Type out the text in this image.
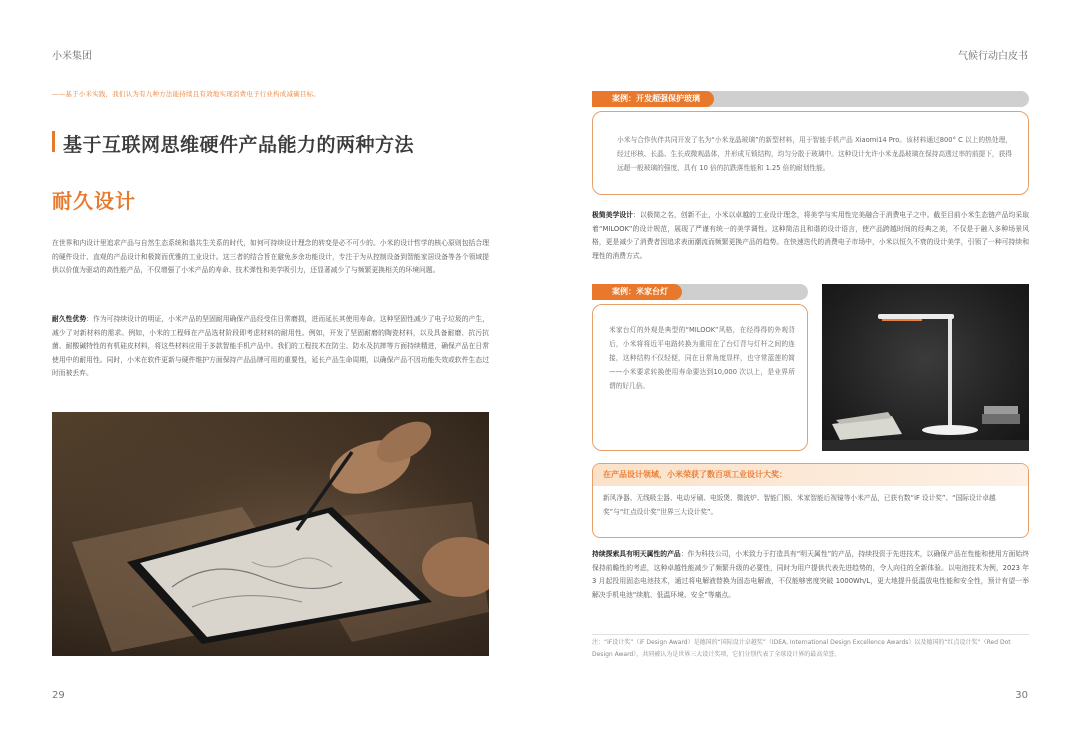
小米集团	气候行动白皮书
——基于小米实践，我们认为有九种方法能持续且有效地实现消费电子行业构成减碳目标。
基于互联网思维硬件产品能力的两种方法
耐久设计
在世界和内设计里追求产品与自然生态系统和谐共生关系的时代，如何可持续设计理念的转变是必不可少的。小米的设计哲学的核心原则包括合理的硬件设计、直观的产品设计和极简而优雅的工业设计。这三者的结合旨在避免多余功能设计，专注于为从控制设备到智能家居设备等各个领域提供以价值为驱动的高性能产品，不仅增强了小米产品的寿命、技术弹性和美学吸引力，还显著减少了与频繁更换相关的环境问题。
耐久性优势：作为可持续设计的明证，小米产品的坚固耐用确保产品经受住日常磨损，进而延长其使用寿命。这种坚固性减少了电子垃圾的产生，减少了对新材料的需求。例如，小米的工程师在产品选材阶段即考虑材料的耐用性。例如，开发了坚固耐磨的陶瓷材料，以及具备耐磨、抗污抗菌、耐酸碱特性的有机硅皮材料，将这些材料应用于多款智能手机产品中。我们的工程技术在防尘、防水及抗摔等方面持续精进，确保产品在日常使用中的耐用性。同时，小米在软件更新与硬件维护方面保持产品品牌可用的重要性，延长产品生命周期，以确保产品不因功能失效或软件生态过时而被丢弃。
案例：开发超强保护玻璃
小米与合作伙伴共同开发了名为“小米龙晶玻璃”的新型材料，用于智能手机产品 Xiaomi14 Pro。该材料通过800° C 以上的热处理，经过形核、长晶、生长成微观晶体，并形成互锁结构，均匀分散于玻璃中。这种设计允许小米龙晶玻璃在保持高透过率的前提下，获得远超一般玻璃的强度，具有 10 倍的抗跌落性能和 1.25 倍的耐划性能。
极简美学设计：以极简之名，创新不止，小米以卓越的工业设计理念，将美学与实用性完美融合于消费电子之中。截至目前小米生态链产品均采取着“MILOOK”的设计规范，展现了严谨有统一的美学调性。这种简洁且和谐的设计语言，使产品跨越时间的经典之美，不仅是于融入多种场景风格，更是减少了消费者因追求表面潮流而频繁更换产品的趋势。在快速迭代的消费电子市场中，小米以恒久不衰的设计美学，引领了一种可持续和理性的消费方式。
案例：米家台灯
米家台灯的外观是典型的“MILOOK”风格，在经得得的外观背后，小米将将近平电路转换为重用在了台灯背与灯杆之间的连接，这种结构不仅轻便，同在日常角度显样，也守常蓝莲的简——小米要求转换使用寿命要达到10,000 次以上，是业界所谓的好几倍。
在产品设计领域，小米荣获了数百项工业设计大奖：
新风净器、无线吸尘器、电动牙刷、电饭煲、微波炉、智能门锁、米家智能后视镜等小米产品，已获有数“iF 设计奖”、“国际设计卓越奖”与“红点设计奖”世界三大设计奖”。
持续探索具有明天属性的产品：作为科技公司，小米致力于打造具有“明天属性”的产品，持续投资于先进技术，以确保产品在性能和使用方面始终保持前瞻性的考虑，这种卓越性能减少了频繁升级的必要性，同时为用户提供代表先进趋势的，令人向往的全新体验。以电池技术为例，2023 年 3 月起投用固态电池技术，通过将电解液替换为固态电解液，不仅能够密度突破 1000Wh/L，更大地提升低温放电性能和安全性，预计有望一举解决手机电池“续航、低温环境、安全”等痛点。
注：“iF设计奖”（iF Design Award）是德国的“国际设计卓越奖”（IDEA, International Design Excellence Awards）以及德国的“红点设计奖”（Red Dot Design Award），共同被认为是世界三大设计奖项，它们分别代表了全球设计界的最高荣誉。
29	30
